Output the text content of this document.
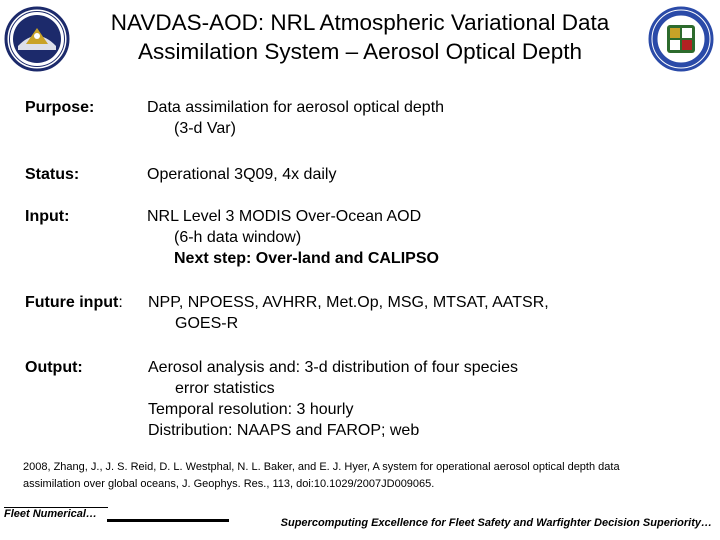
NAVDAS-AOD: NRL Atmospheric Variational Data
Assimilation System – Aerosol Optical Depth
Purpose:	Data assimilation for aerosol optical depth
(3-d Var)
Status:	Operational 3Q09, 4x daily
Input:	NRL Level 3 MODIS Over-Ocean AOD
(6-h data window)
Next step: Over-land and CALIPSO
Future input: NPP, NPOESS, AVHRR, Met.Op, MSG, MTSAT, AATSR,
GOES-R
Output:	Aerosol analysis and: 3-d distribution of four species
error statistics
Temporal resolution: 3 hourly
Distribution: NAAPS and FAROP; web
2008, Zhang, J., J. S. Reid, D. L. Westphal, N. L. Baker, and E. J. Hyer, A system for operational aerosol optical depth data
assimilation over global oceans, J. Geophys. Res., 113, doi:10.1029/2007JD009065.
Fleet Numerical…
Supercomputing Excellence for Fleet Safety and Warfighter Decision Superiority…
